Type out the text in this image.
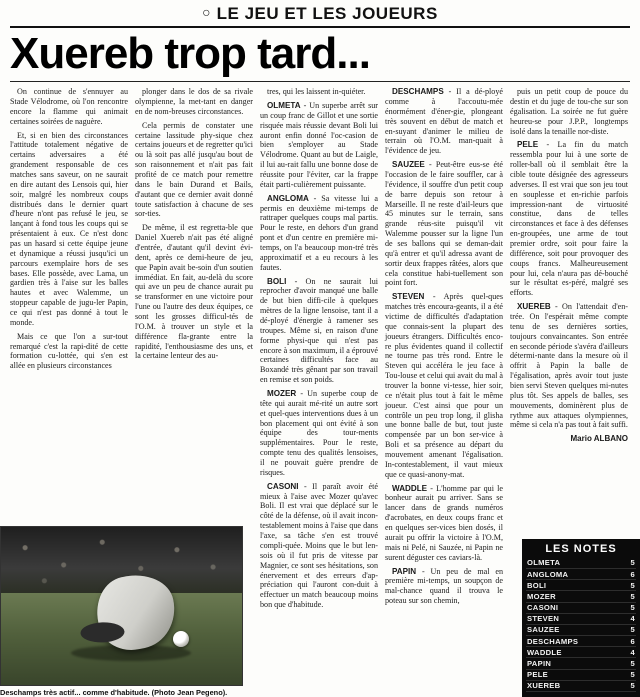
○ LE JEU ET LES JOUEURS
Xuereb trop tard...

On continue de s'ennuyer au Stade Vélodrome, où l'on rencontre encore la flamme qui animait certaines soirées de naguère.

Et, si en bien des circonstances l'attitude totalement négative de certains adversaires a été grandement responsable de ces matches sans saveur, on ne saurait en dire autant des Lensois qui, hier soir, malgré les nombreux coups distribués dans le dernier quart d'heure n'ont pas refusé le jeu, se lançant à fond tous les coups qui se présentaient à eux. Ce n'est donc pas un hasard si cette équipe jeune et dynamique a réussi jusqu'ici un parcours exemplaire hors de ses bases. Elle possède, avec Lama, un gardien très à l'aise sur les balles hautes et avec Walemme, un stoppeur capable de jugu-ler Papin, ce qui n'est pas donné à tout le monde.

Mais ce que l'on a sur-tout remarqué c'est la rapi-dité de cette formation cu-lottée, qui s'en est allée en plusieurs circonstances

plonger dans le dos de sa rivale olympienne, la met-tant en danger en de nom-breuses circonstances.

Cela permis de constater une certaine lassitude phy-sique chez certains joueurs et de regretter qu'ici ou là soit pas allé jusqu'au bout de son raisonnement et n'ait pas fait profité de ce match pour remettre dans le bain Durand et Bails, d'autant que ce dernier avait donné toute satisfaction à chacune de ses sor-ties.

De même, il est regretta-ble que Daniel Xuereb n'ait pas été aligné d'entrée, d'autant qu'il devint évi-dent, après ce demi-heure de jeu, que Papin avait be-soin d'un soutien immédiat. En fait, au-delà du score qui ave un peu de chance aurait pu se transformer en une victoire pour l'une ou l'autre des deux équipes, ce sont les grosses difficul-tés de l'O.M. à trouver un style et la différence fla-grante entre la rapidité, l'enthousiasme des uns, et la certaine lenteur des au-

tres, qui les laissent in-quiéter.

OLMETA - Un superbe arrêt sur un coup franc de Gillot et une sortie risquée mais réussie devant Boli lui auront enfin donné l'oc-casion de bien s'employer au Stade Vélodrome. Quant au but de Laigle, il lui au-rait fallu une bonne dose de réussite pour l'éviter, car la frappe était parti-culièrement puissante.

ANGLOMA - Sa vitesse lui a permis en deuxième mi-temps de rattraper quelques coups mal partis. Pour le reste, en dehors d'un grand pont et d'un centre en première mi-temps, on l'a beaucoup mon-tré très approximatif et a eu recours à les fautes.

BOLI - On ne saurait lui reprocher d'avoir manqué une balle de but bien diffi-cile à quelques mètres de la ligne lensoise, tant il a dé-ployé d'énergie à ramener ses troupes. Même si, en raison d'une forme physi-que qui n'est pas encore à son maximum, il a éprouvé certaines difficultés face au Boxandé très gênant par son travail en remise et son poids.

MOZER - Un superbe coup de tête qui aurait mé-rité un autre sort et quel-ques interventions dues à un bon placement qui ont évité à son équipe des tour-ments supplémentaires. Pour le reste, compte tenu des qualités lensoises, il ne pouvait guère prendre de risques.

CASONI - Il paraît avoir été mieux à l'aise avec Mozer qu'avec Boli. Il est vrai que déplacé sur le côté de la défense, où il avait incon-testablement moins à l'aise que dans l'axe, sa tâche s'en est trouvé compli-quée. Moins que le but len-sois où il fut pris de vitesse par Magnier, ce sont ses hésitations, son énervement et des erreurs d'ap-préciation qui l'auront con-duit à effectuer un match beaucoup moins bon que d'habitude.

DESCHAMPS - Il a dé-ployé comme à l'accoutu-mée énormément d'éner-gie, plongeant très souvent en début de match et en-suyant d'animer le milieu de terrain où l'O.M. man-quait à l'évidence de jeu.

SAUZEE - Peut-être eus-se été l'occasion de le faire souffler, car à l'évidence, il souffre d'un petit coup de barre depuis son retour à Marseille. Il ne reste d'ail-leurs que 45 minutes sur le terrain, sans grande réus-site puisqu'il vit Walemme pousser sur la ligne l'un de ses ballons qui se deman-dait qu'à entrer et qu'il adressa avant de sortir deux frappes râtées, alors que cela constitue habi-tuellement son point fort.

STEVEN - Après quel-ques matches très encoura-geants, il a été victime de difficultés d'adaptation que connais-sent la plupart des joueurs étrangers. Difficultés enco-re plus évidentes quand il collectif ne tourne pas très rond. Entre le Steven qui accéléra le jeu face à Tou-louse et celui qui avait du mal à trouver la bonne vi-tesse, hier soir, ce n'était plus tout à fait le même joueur. C'est ainsi que pour un contrôle un peu trop long, il glisha une bonne balle de but, tout juste compensée par un bon ser-vice à Boli et sa présence au départ du mouvement amenant l'égalisation. In-contestablement, il vaut mieux que ce quasi-anony-mat.

WADDLE - L'homme par qui le bonheur aurait pu arriver. Sans se lancer dans de grands numéros d'acrobates, en deux coups franc et en quelques ser-vices bien dosés, il aurait pu offrir la victoire à l'O.M, mais ni Pelé, ni Sauzée, ni Papin ne surent déguster ces caviars-là.

PAPIN - Un peu de mal en première mi-temps, un soupçon de mal-chance quand il trouva le poteau sur son chemin,

puis un petit coup de pouce du destin et du juge de tou-che sur son égalisation. La soirée ne fut guère heureu-se pour J.P.P., longtemps isolé dans la tenaille nor-diste.

PELE - La fin du match ressembla pour lui à une sorte de roller-ball où il semblait être la cible toute désignée des agresseurs adverses. Il est vrai que son jeu tout en souplesse et en-richie parfois impression-nant de virtuosité constitue, dans de telles circonstances et face à des défenses en-groupées, une arme de tout premier ordre, soit pour faire la différence, soit pour provoquer des coups francs. Malheureusement pour lui, cela n'aura pas dé-bouché sur le résultat es-péré, malgré ses efforts.

XUEREB - On l'attendait d'en-trée. On l'espérait même compte tenu de ses dernières sorties, toujours convaincantes. Son entrée en seconde période s'avéra d'ailleurs détermi-nante dans la mesure où il offrit à Papin la balle de l'égalisation, après avoir tout juste bien servi Steven quelques mi-nutes plus tôt. Ses appels de balles, ses mouvements, dominèrent plus de rythme aux attaques olympiennes, même si cela n'a pas tout à fait suffi.

Mario ALBANO
Deschamps très actif... comme d'habitude. (Photo Jean Pegeno).
LES NOTES
OLMETA	5
ANGLOMA	6
BOLI	5
MOZER	5
CASONI	5
STEVEN	4
SAUZEE	5
DESCHAMPS	6
WADDLE	4
PAPIN	5
PELE	5
XUEREB	5
